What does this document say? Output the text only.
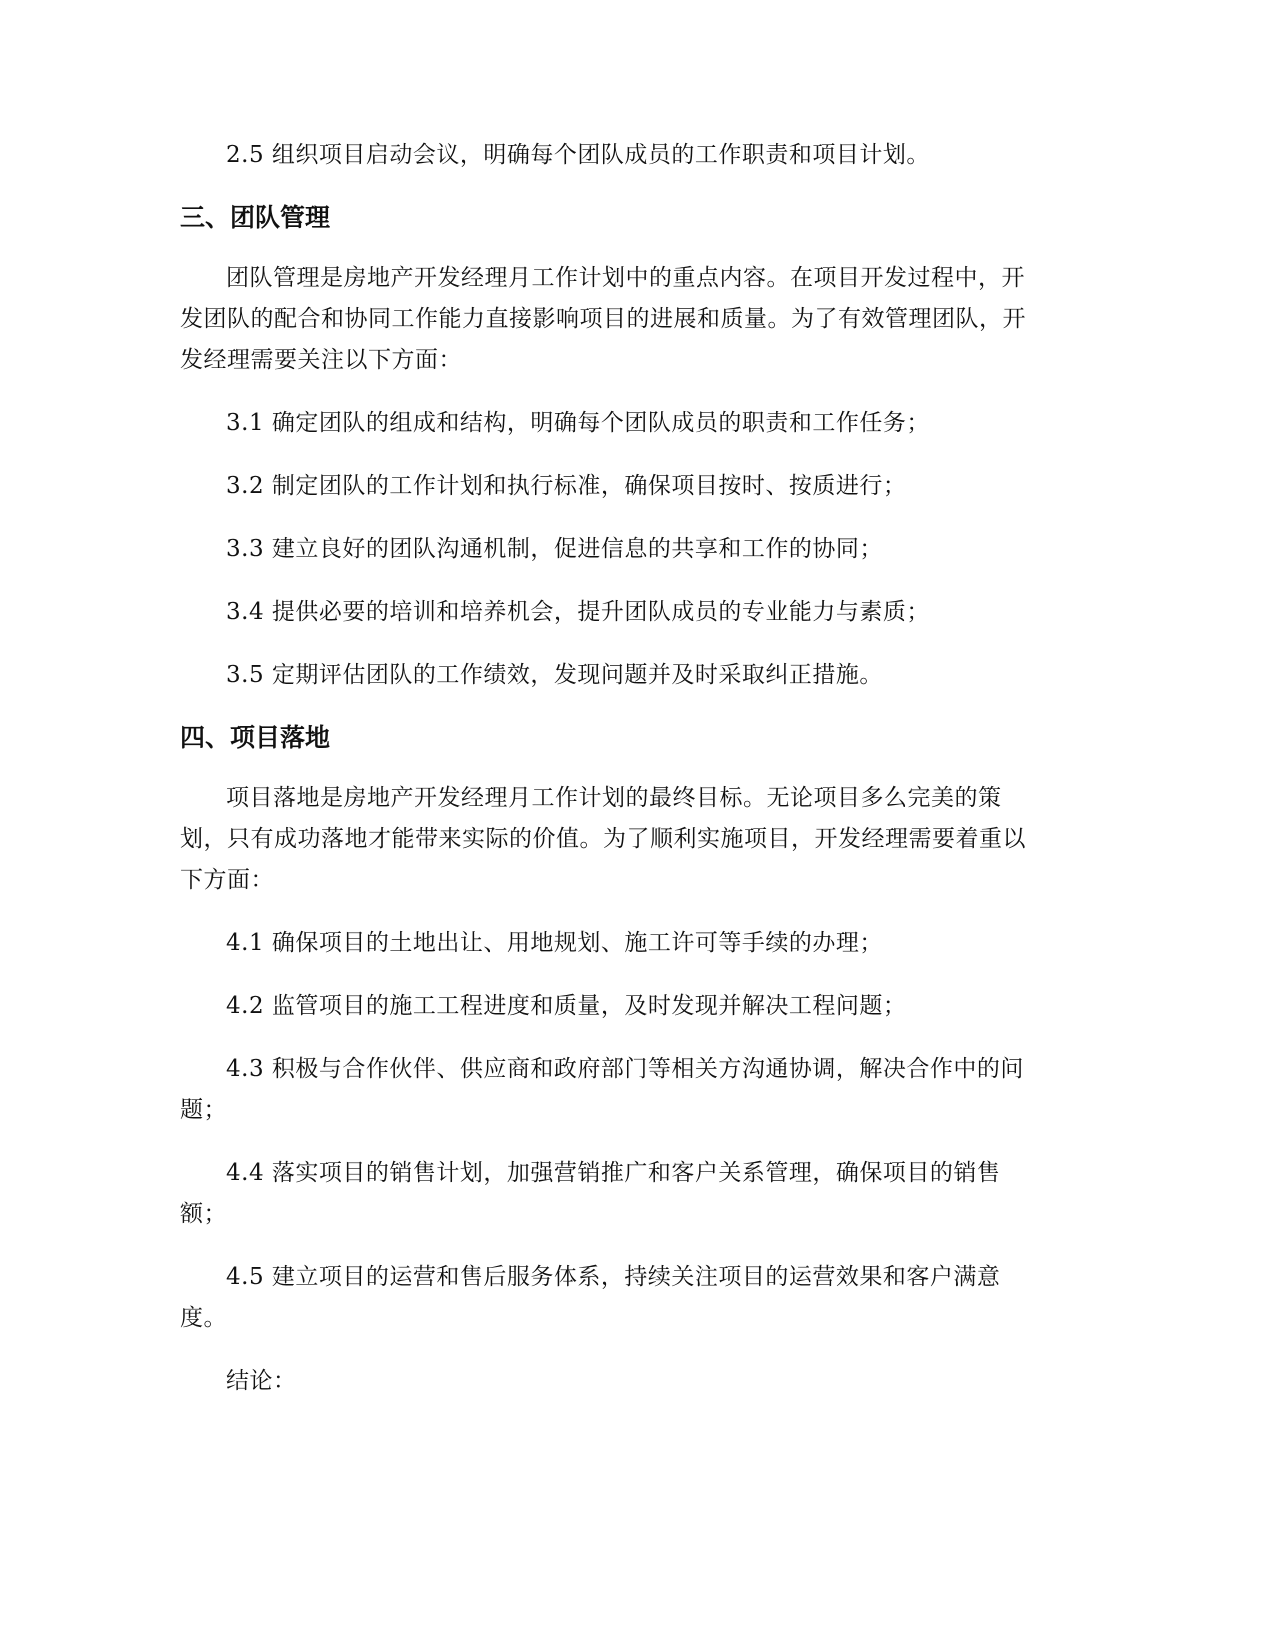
2.5 组织项目启动会议，明确每个团队成员的工作职责和项目计划。

三、团队管理

团队管理是房地产开发经理月工作计划中的重点内容。在项目开发过程中，开发团队的配合和协同工作能力直接影响项目的进展和质量。为了有效管理团队，开发经理需要关注以下方面：

3.1 确定团队的组成和结构，明确每个团队成员的职责和工作任务；

3.2 制定团队的工作计划和执行标准，确保项目按时、按质进行；

3.3 建立良好的团队沟通机制，促进信息的共享和工作的协同；

3.4 提供必要的培训和培养机会，提升团队成员的专业能力与素质；

3.5 定期评估团队的工作绩效，发现问题并及时采取纠正措施。

四、项目落地

项目落地是房地产开发经理月工作计划的最终目标。无论项目多么完美的策划，只有成功落地才能带来实际的价值。为了顺利实施项目，开发经理需要着重以下方面：

4.1 确保项目的土地出让、用地规划、施工许可等手续的办理；

4.2 监管项目的施工工程进度和质量，及时发现并解决工程问题；

4.3 积极与合作伙伴、供应商和政府部门等相关方沟通协调，解决合作中的问题；

4.4 落实项目的销售计划，加强营销推广和客户关系管理，确保项目的销售额；

4.5 建立项目的运营和售后服务体系，持续关注项目的运营效果和客户满意度。

结论：
